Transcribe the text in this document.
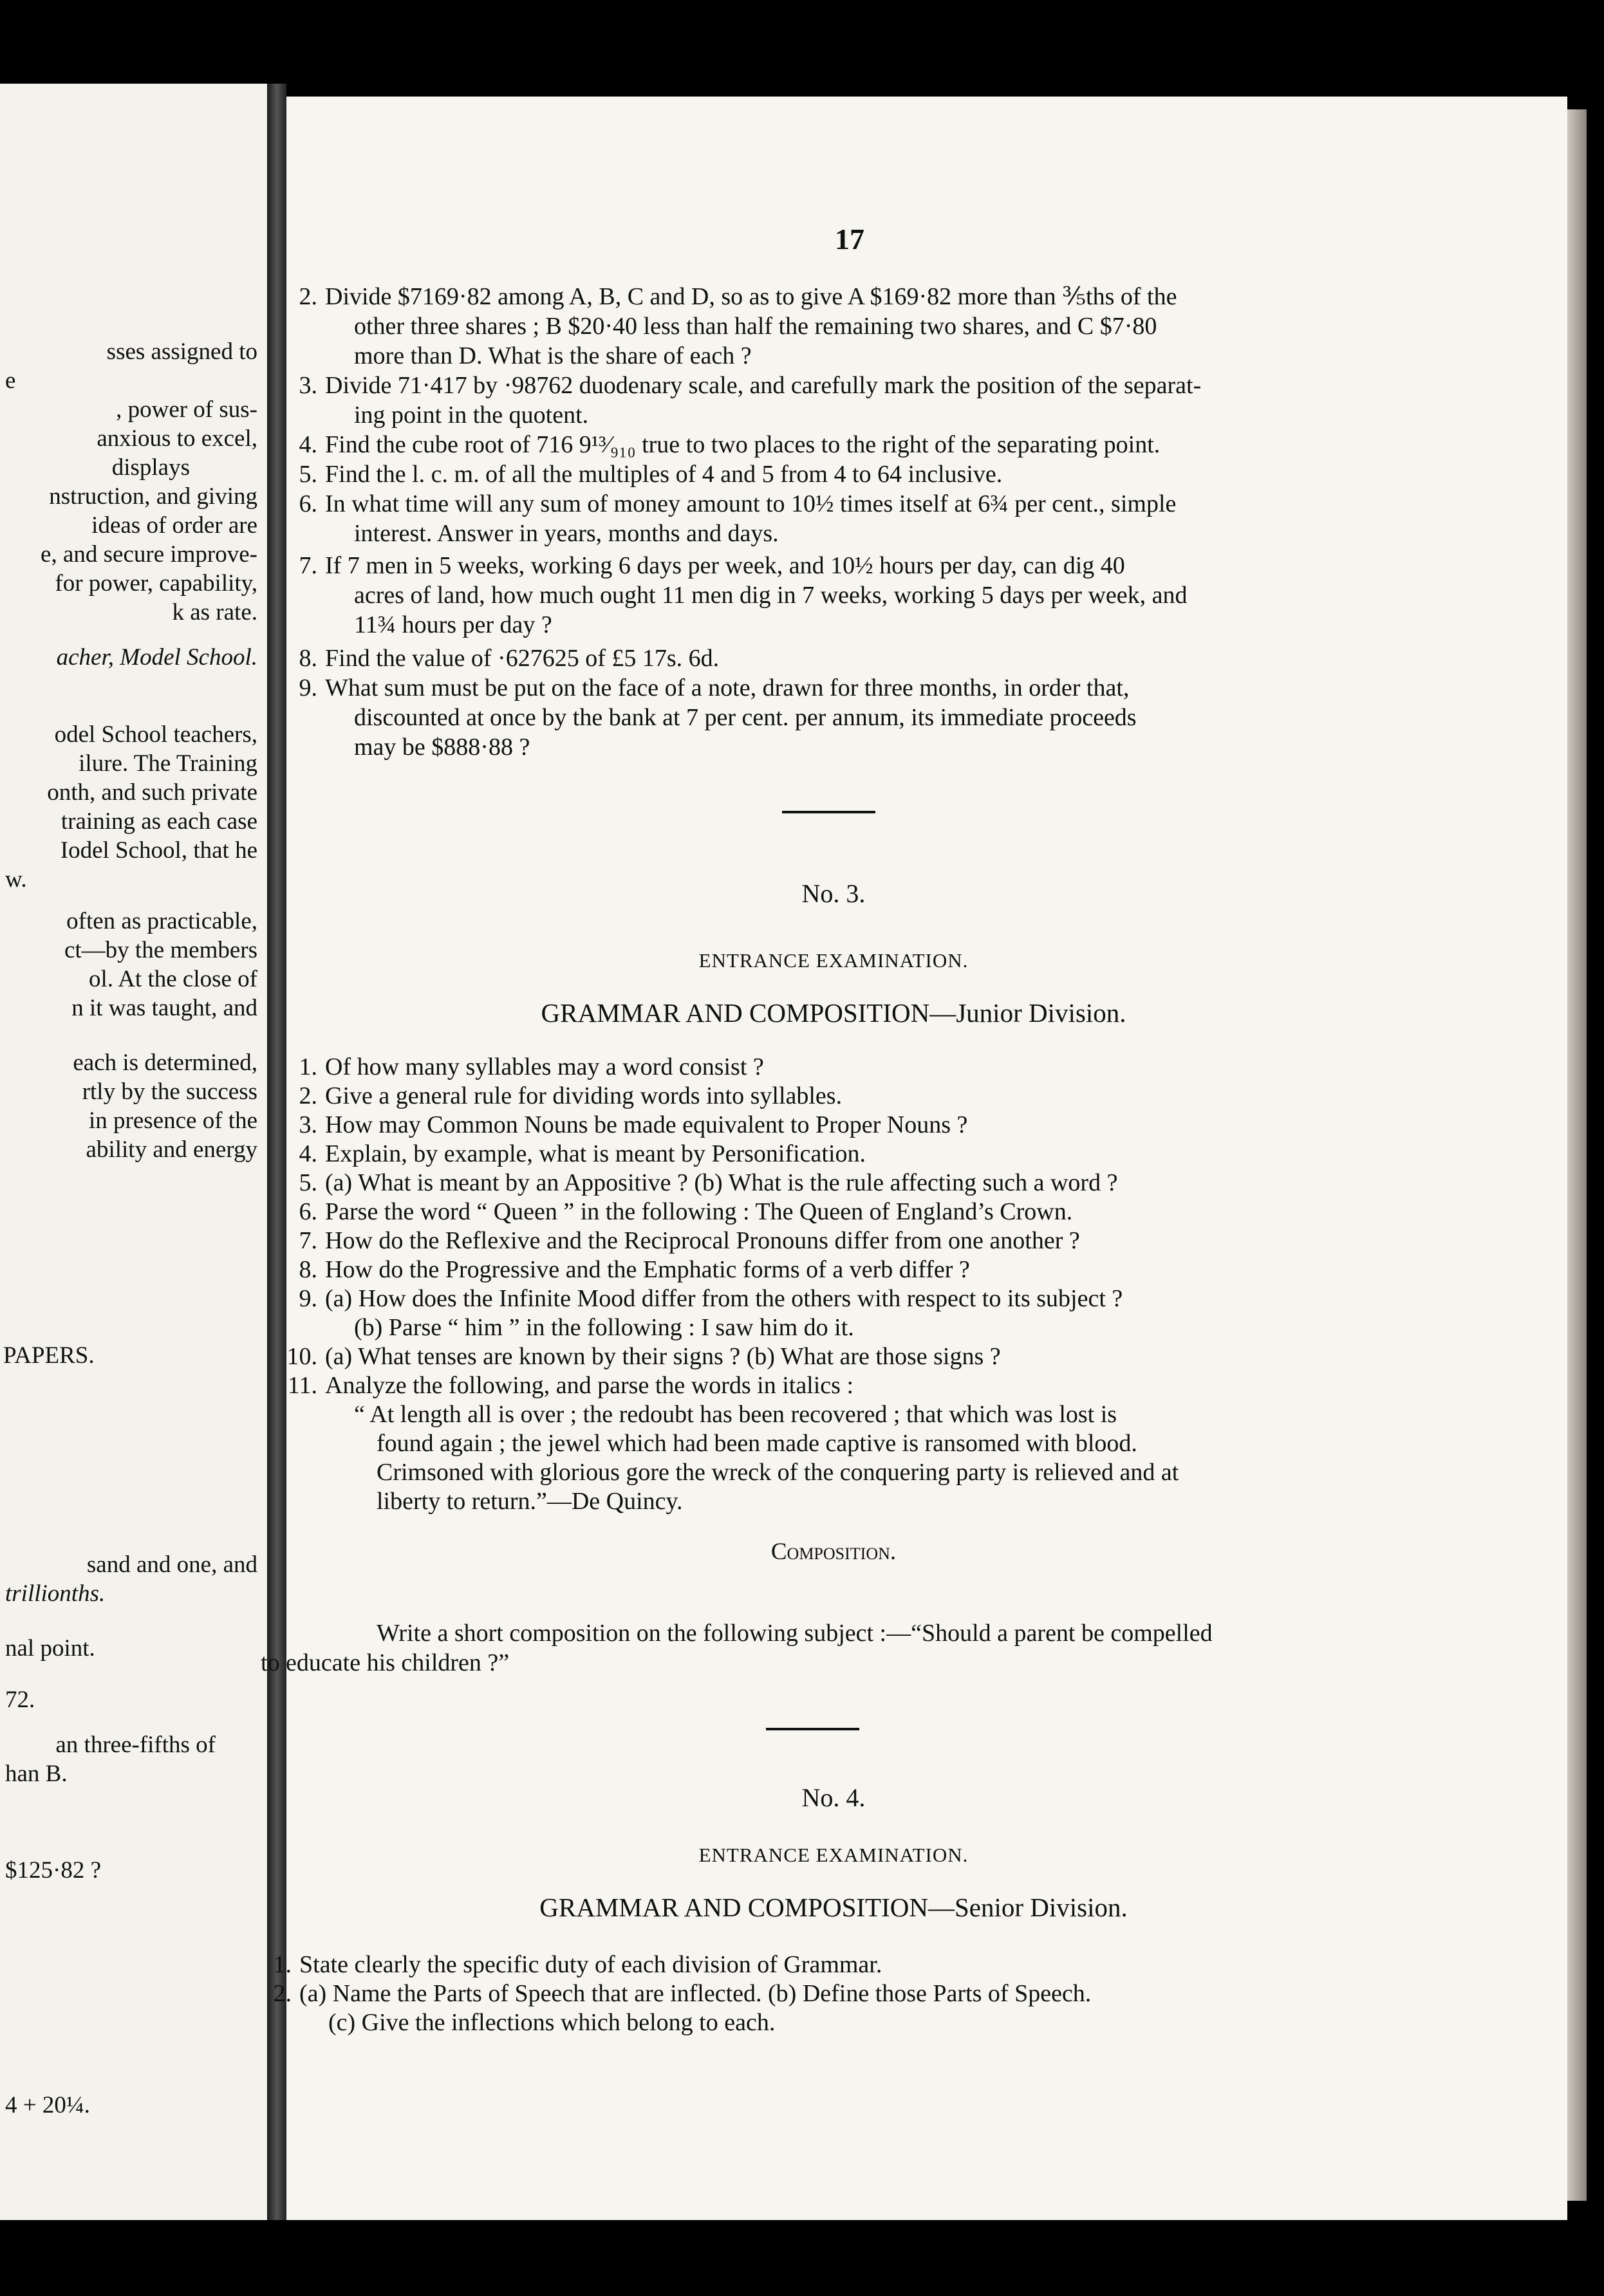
sses assigned to
e
, power of sus-
anxious to excel,
displays
nstruction, and giving
ideas of order are
e, and secure improve-
for power, capability,
k as rate.
acher, Model School.
odel School teachers,
ilure. The Training
onth, and such private
training as each case
Iodel School, that he
w.
often as practicable,
ct—by the members
ol. At the close of
n it was taught, and
each is determined,
rtly by the success
in presence of the
ability and energy
PAPERS.
sand and one, and
trillionths.
nal point.
72.
an three-fifths of
han B.
$125·82 ?
4 + 20¼.
17
2. Divide $7169·82 among A, B, C and D, so as to give A $169·82 more than ⅗ths of the
other three shares ; B $20·40 less than half the remaining two shares, and C $7·80
more than D. What is the share of each ?
3. Divide 71·417 by ·98762 duodenary scale, and carefully mark the position of the separat-
ing point in the quotent.
4. Find the cube root of 716 9¹³⁄₉₁₀ true to two places to the right of the separating point.
5. Find the l. c. m. of all the multiples of 4 and 5 from 4 to 64 inclusive.
6. In what time will any sum of money amount to 10½ times itself at 6¾ per cent., simple
interest. Answer in years, months and days.
7. If 7 men in 5 weeks, working 6 days per week, and 10½ hours per day, can dig 40
acres of land, how much ought 11 men dig in 7 weeks, working 5 days per week, and
11¾ hours per day ?
8. Find the value of ·627625 of £5 17s. 6d.
9. What sum must be put on the face of a note, drawn for three months, in order that,
discounted at once by the bank at 7 per cent. per annum, its immediate proceeds
may be $888·88 ?
No. 3.
ENTRANCE EXAMINATION.
GRAMMAR AND COMPOSITION—Junior Division.
1. Of how many syllables may a word consist ?
2. Give a general rule for dividing words into syllables.
3. How may Common Nouns be made equivalent to Proper Nouns ?
4. Explain, by example, what is meant by Personification.
5. (a) What is meant by an Appositive ? (b) What is the rule affecting such a word ?
6. Parse the word “ Queen ” in the following : The Queen of England’s Crown.
7. How do the Reflexive and the Reciprocal Pronouns differ from one another ?
8. How do the Progressive and the Emphatic forms of a verb differ ?
9. (a) How does the Infinite Mood differ from the others with respect to its subject ?
(b) Parse “ him ” in the following : I saw him do it.
10. (a) What tenses are known by their signs ? (b) What are those signs ?
11. Analyze the following, and parse the words in italics :
“ At length all is over ; the redoubt has been recovered ; that which was lost is
found again ; the jewel which had been made captive is ransomed with blood.
Crimsoned with glorious gore the wreck of the conquering party is relieved and at
liberty to return.”—De Quincy.
Composition.
Write a short composition on the following subject :—“Should a parent be compelled
to educate his children ?”
No. 4.
ENTRANCE EXAMINATION.
GRAMMAR AND COMPOSITION—Senior Division.
1. State clearly the specific duty of each division of Grammar.
2. (a) Name the Parts of Speech that are inflected. (b) Define those Parts of Speech.
(c) Give the inflections which belong to each.
